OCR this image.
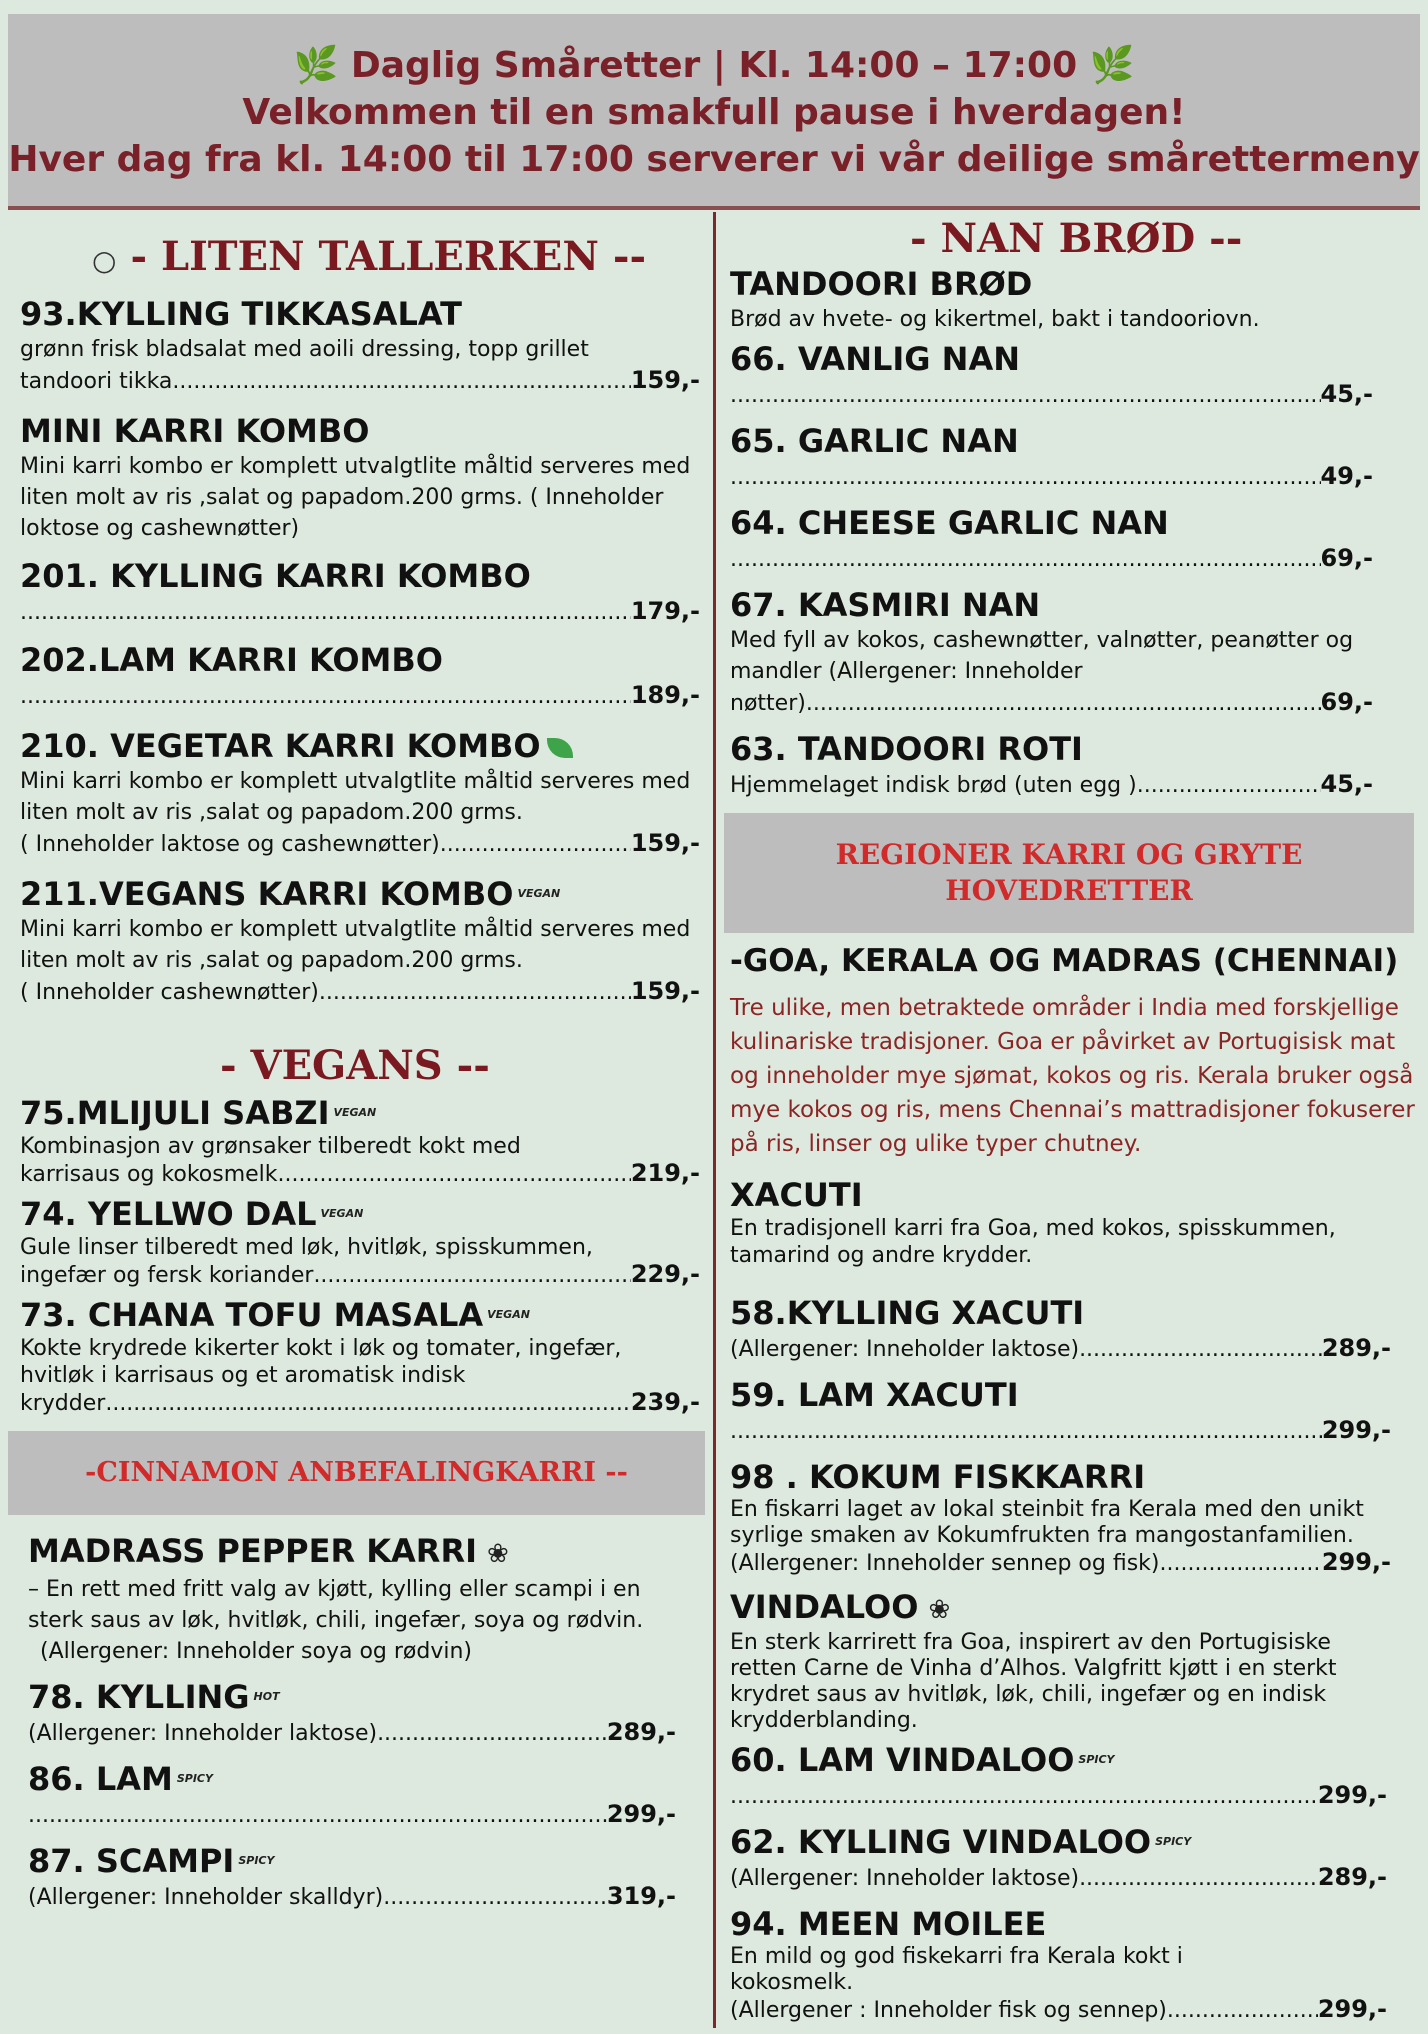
🌿 Daglig Småretter | Kl. 14:00 – 17:00 🌿
Velkommen til en smakfull pause i hverdagen!
Hver dag fra kl. 14:00 til 17:00 serverer vi vår deilige smårettermeny
○ - LITEN TALLERKEN --
93.KYLLING TIKKASALAT
grønn frisk bladsalat med aoili dressing, topp grillet
tandoori tikka .....	159,-
MINI KARRI KOMBO
Mini karri kombo er komplett utvalgtlite måltid serveres med liten molt av ris ,salat og papadom.200 grms. ( Inneholder loktose og cashewnøtter)
201. KYLLING KARRI KOMBO
.....
179,-
202.LAM KARRI KOMBO
.....
189,-
210. VEGETAR KARRI KOMBO
Mini karri kombo er komplett utvalgtlite måltid serveres med liten molt av ris ,salat og papadom.200 grms.
( Inneholder laktose og cashewnøtter) .....	159,-
211.VEGANS KARRI KOMBO $^{VEGAN}$
Mini karri kombo er komplett utvalgtlite måltid serveres med liten molt av ris ,salat og papadom.200 grms.
( Inneholder cashewnøtter) .....	159,-
- VEGANS --
75.MLIJULI SABZI $^{VEGAN}$
Kombinasjon av grønsaker tilberedt kokt med
karrisaus og kokosmelk .....	219,-
74. YELLWO DAL $^{VEGAN}$
Gule linser tilberedt med løk, hvitløk, spisskummen,
ingefær og fersk koriander .....	229,-
73. CHANA TOFU MASALA $^{VEGAN}$
Kokte krydrede kikerter kokt i løk og tomater, ingefær, hvitløk i karrisaus og et aromatisk indisk
krydder .....	239,-
-CINNAMON ANBEFALINGKARRI --
MADRASS PEPPER KARRI ❀
– En rett med fritt valg av kjøtt, kylling eller scampi i en sterk saus av løk, hvitløk, chili, ingefær, soya og rødvin.
(Allergener: Inneholder soya og rødvin)
78. KYLLING $^{HOT}$
(Allergener: Inneholder laktose) .....	289,-
86. LAM $^{SPICY}$
.....
299,-
87. SCAMPI $^{SPICY}$
(Allergener: Inneholder skalldyr) .....	319,-
- NAN BRØD --
TANDOORI BRØD
Brød av hvete- og kikertmel, bakt i tandooriovn.
66. VANLIG NAN
.....
45,-
65. GARLIC NAN
.....
49,-
64. CHEESE GARLIC NAN
.....
69,-
67. KASMIRI NAN
Med fyll av kokos, cashewnøtter, valnøtter, peanøtter og mandler (Allergener: Inneholder
nøtter) .....	69,-
63. TANDOORI ROTI
Hjemmelaget indisk brød (uten egg ) .....	45,-
REGIONER KARRI OG GRYTE
HOVEDRETTER
-GOA, KERALA OG MADRAS (CHENNAI)
Tre ulike, men betraktede områder i India med forskjellige kulinariske tradisjoner. Goa er påvirket av Portugisisk mat og inneholder mye sjømat, kokos og ris. Kerala bruker også mye kokos og ris, mens Chennai’s mattradisjoner fokuserer på ris, linser og ulike typer chutney.
XACUTI
En tradisjonell karri fra Goa, med kokos, spisskummen, tamarind og andre krydder.
58.KYLLING XACUTI
(Allergener: Inneholder laktose) .....	289,-
59. LAM XACUTI
.....
299,-
98 . KOKUM FISKKARRI
En fiskarri laget av lokal steinbit fra Kerala med den unikt syrlige smaken av Kokumfrukten fra mangostanfamilien.
(Allergener: Inneholder sennep og fisk) .....	299,-
VINDALOO ❀
En sterk karrirett fra Goa, inspirert av den Portugisiske retten Carne de Vinha d’Alhos. Valgfritt kjøtt i en sterkt krydret saus av hvitløk, løk, chili, ingefær og en indisk krydderblanding.
60. LAM VINDALOO $^{SPICY}$
.....
299,-
62. KYLLING VINDALOO $^{SPICY}$
(Allergener: Inneholder laktose) .....	289,-
94. MEEN MOILEE
En mild og god fiskekarri fra Kerala kokt i kokosmelk.
(Allergener : Inneholder fisk og sennep) .....	299,-
